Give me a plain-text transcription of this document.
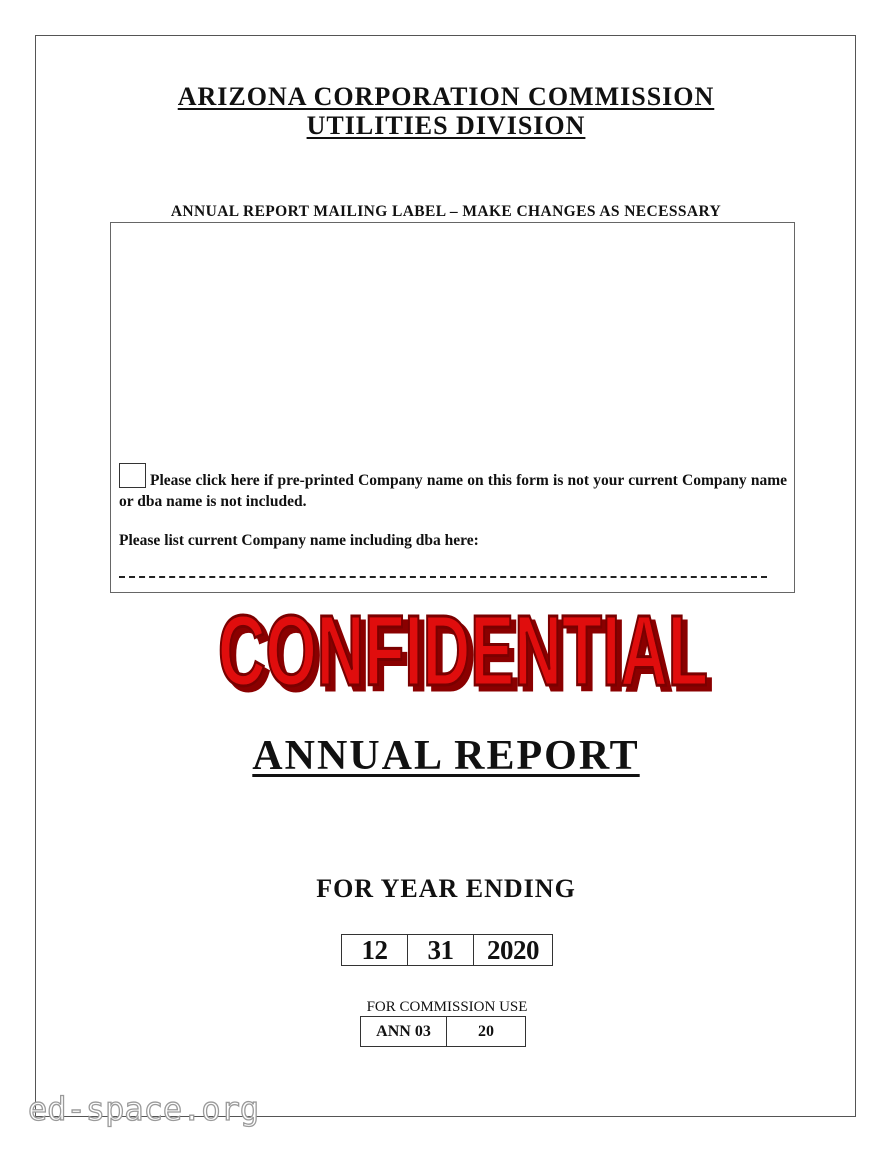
ARIZONA CORPORATION COMMISSION
UTILITIES DIVISION
ANNUAL REPORT MAILING LABEL – MAKE CHANGES AS NECESSARY
Please click here if pre-printed Company name on this form is not your current Company name or dba name is not included.
Please list current Company name including dba here:
CONFIDENTIAL
ANNUAL REPORT
FOR YEAR ENDING
12	31	2020
FOR COMMISSION USE
ANN 03	20
ed-space.org
